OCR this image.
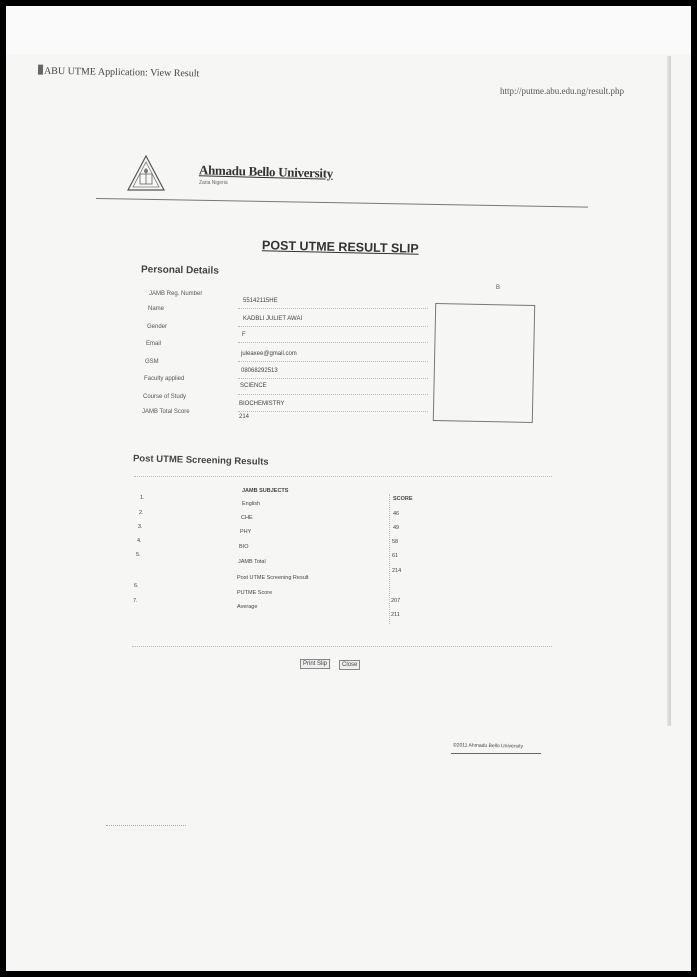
ABU UTME Application: View Result
http://putme.abu.edu.ng/result.php
Ahmadu Bello University
Zaria Nigeria
POST UTME RESULT SLIP
Personal Details
B
JAMB Reg. Number
55142115HE
Name
KADBLI JULIET AWAI
Gender
F
Email
juleaxee@gmail.com
GSM
08068292513
Faculty applied
SCIENCE
Course of Study
BIOCHEMISTRY
JAMB Total Score
214
Post UTME Screening Results
JAMB SUBJECTS
SCORE
1.
English
46
2.
CHE
49
3.
PHY
58
4.
BIO
61
5.
JAMB Total
214
6.
Post UTME Screening Result
7.
PUTME Score
207
Average
211
Print Slip	Close
©2011 Ahmadu Bello University
